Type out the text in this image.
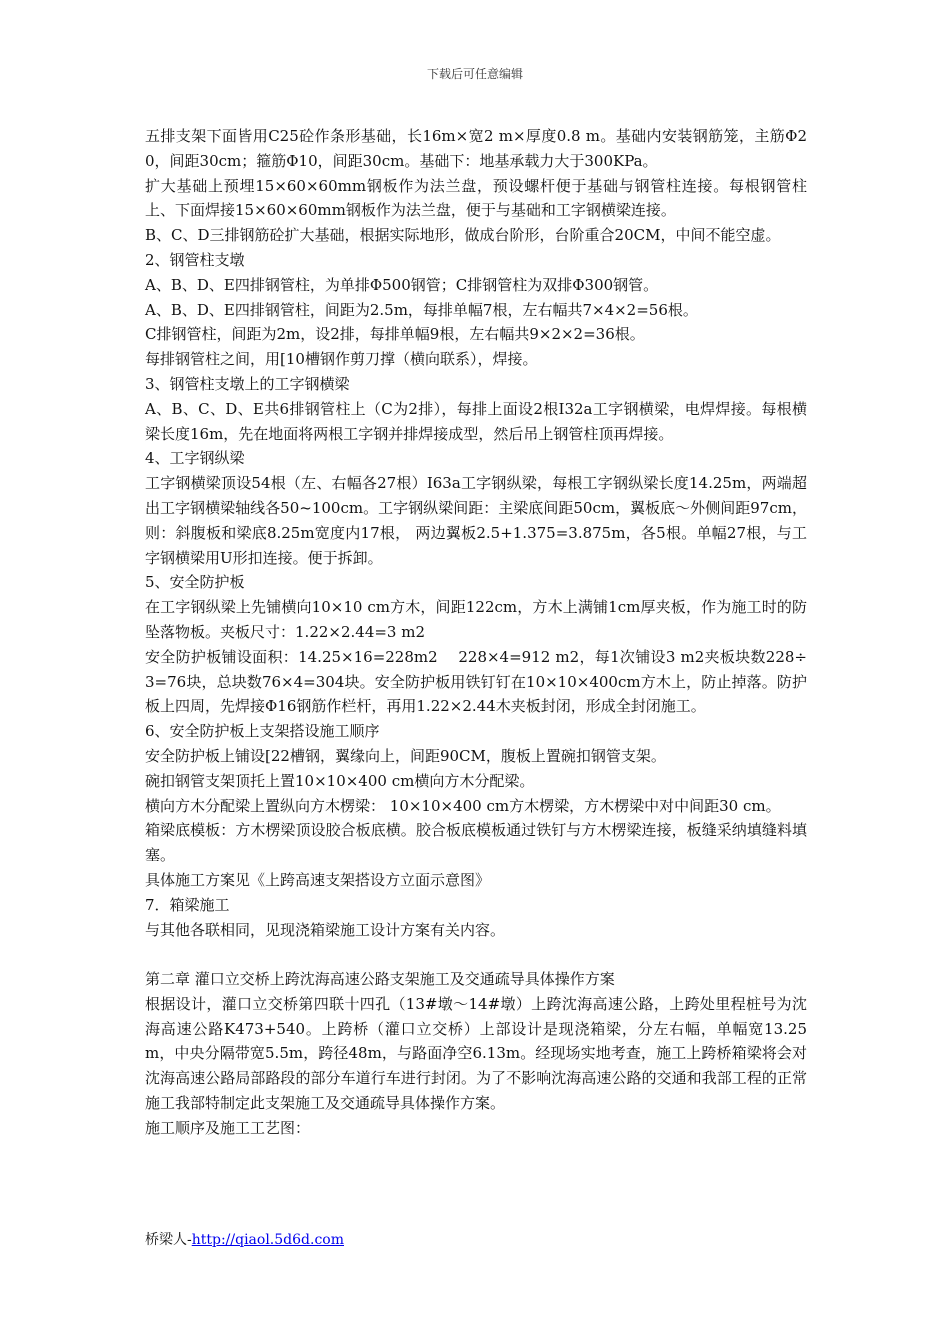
下载后可任意编辑

五排支架下面皆用C25砼作条形基础，长16m×宽2 m×厚度0.8 m。基础内安装钢筋笼，主筋Φ20，间距30cm；箍筋Φ10，间距30cm。基础下：地基承载力大于300KPa。

扩大基础上预埋15×60×60mm钢板作为法兰盘，预设螺杆便于基础与钢管柱连接。每根钢管柱上、下面焊接15×60×60mm钢板作为法兰盘，便于与基础和工字钢横梁连接。

B、C、D三排钢筋砼扩大基础，根据实际地形，做成台阶形，台阶重合20CM，中间不能空虚。

2、钢管柱支墩

A、B、D、E四排钢管柱，为单排Φ500钢管；C排钢管柱为双排Φ300钢管。

A、B、D、E四排钢管柱，间距为2.5m，每排单幅7根，左右幅共7×4×2=56根。

C排钢管柱，间距为2m，设2排，每排单幅9根，左右幅共9×2×2=36根。

每排钢管柱之间，用[10槽钢作剪刀撑（横向联系），焊接。

3、钢管柱支墩上的工字钢横梁

A、B、C、D、E共6排钢管柱上（C为2排），每排上面设2根I32a工字钢横梁，电焊焊接。每根横梁长度16m，先在地面将两根工字钢并排焊接成型，然后吊上钢管柱顶再焊接。

4、工字钢纵梁

工字钢横梁顶设54根（左、右幅各27根）I63a工字钢纵梁，每根工字钢纵梁长度14.25m，两端超出工字钢横梁轴线各50~100cm。工字钢纵梁间距：主梁底间距50cm，翼板底～外侧间距97cm，则：斜腹板和梁底8.25m宽度内17根， 两边翼板2.5+1.375=3.875m，各5根。单幅27根，与工字钢横梁用U形扣连接。便于拆卸。

5、安全防护板

在工字钢纵梁上先铺横向10×10 cm方木，间距122cm，方木上满铺1cm厚夹板，作为施工时的防坠落物板。夹板尺寸：1.22×2.44=3 m2

安全防护板铺设面积：14.25×16=228m2　 228×4=912 m2，每1次铺设3 m2夹板块数228÷3=76块，总块数76×4=304块。安全防护板用铁钉钉在10×10×400cm方木上，防止掉落。防护板上四周，先焊接Φ16钢筋作栏杆，再用1.22×2.44木夹板封闭，形成全封闭施工。

6、安全防护板上支架搭设施工顺序

安全防护板上铺设[22槽钢，翼缘向上，间距90CM，腹板上置碗扣钢管支架。

碗扣钢管支架顶托上置10×10×400 cm横向方木分配梁。

横向方木分配梁上置纵向方木楞梁： 10×10×400 cm方木楞梁，方木楞梁中对中间距30 cm。

箱梁底模板：方木楞梁顶设胶合板底横。胶合板底模板通过铁钉与方木楞梁连接，板缝采纳填缝料填塞。

具体施工方案见《上跨高速支架搭设方立面示意图》

7．箱梁施工

与其他各联相同，见现浇箱梁施工设计方案有关内容。

第二章 灌口立交桥上跨沈海高速公路支架施工及交通疏导具体操作方案

根据设计，灌口立交桥第四联十四孔（13#墩～14#墩）上跨沈海高速公路，上跨处里程桩号为沈海高速公路K473+540。上跨桥（灌口立交桥）上部设计是现浇箱梁，分左右幅，单幅宽13.25m，中央分隔带宽5.5m，跨径48m，与路面净空6.13m。经现场实地考查，施工上跨桥箱梁将会对沈海高速公路局部路段的部分车道行车进行封闭。为了不影响沈海高速公路的交通和我部工程的正常施工我部特制定此支架施工及交通疏导具体操作方案。

施工顺序及施工工艺图：

桥梁人-http://qiaol.5d6d.com
